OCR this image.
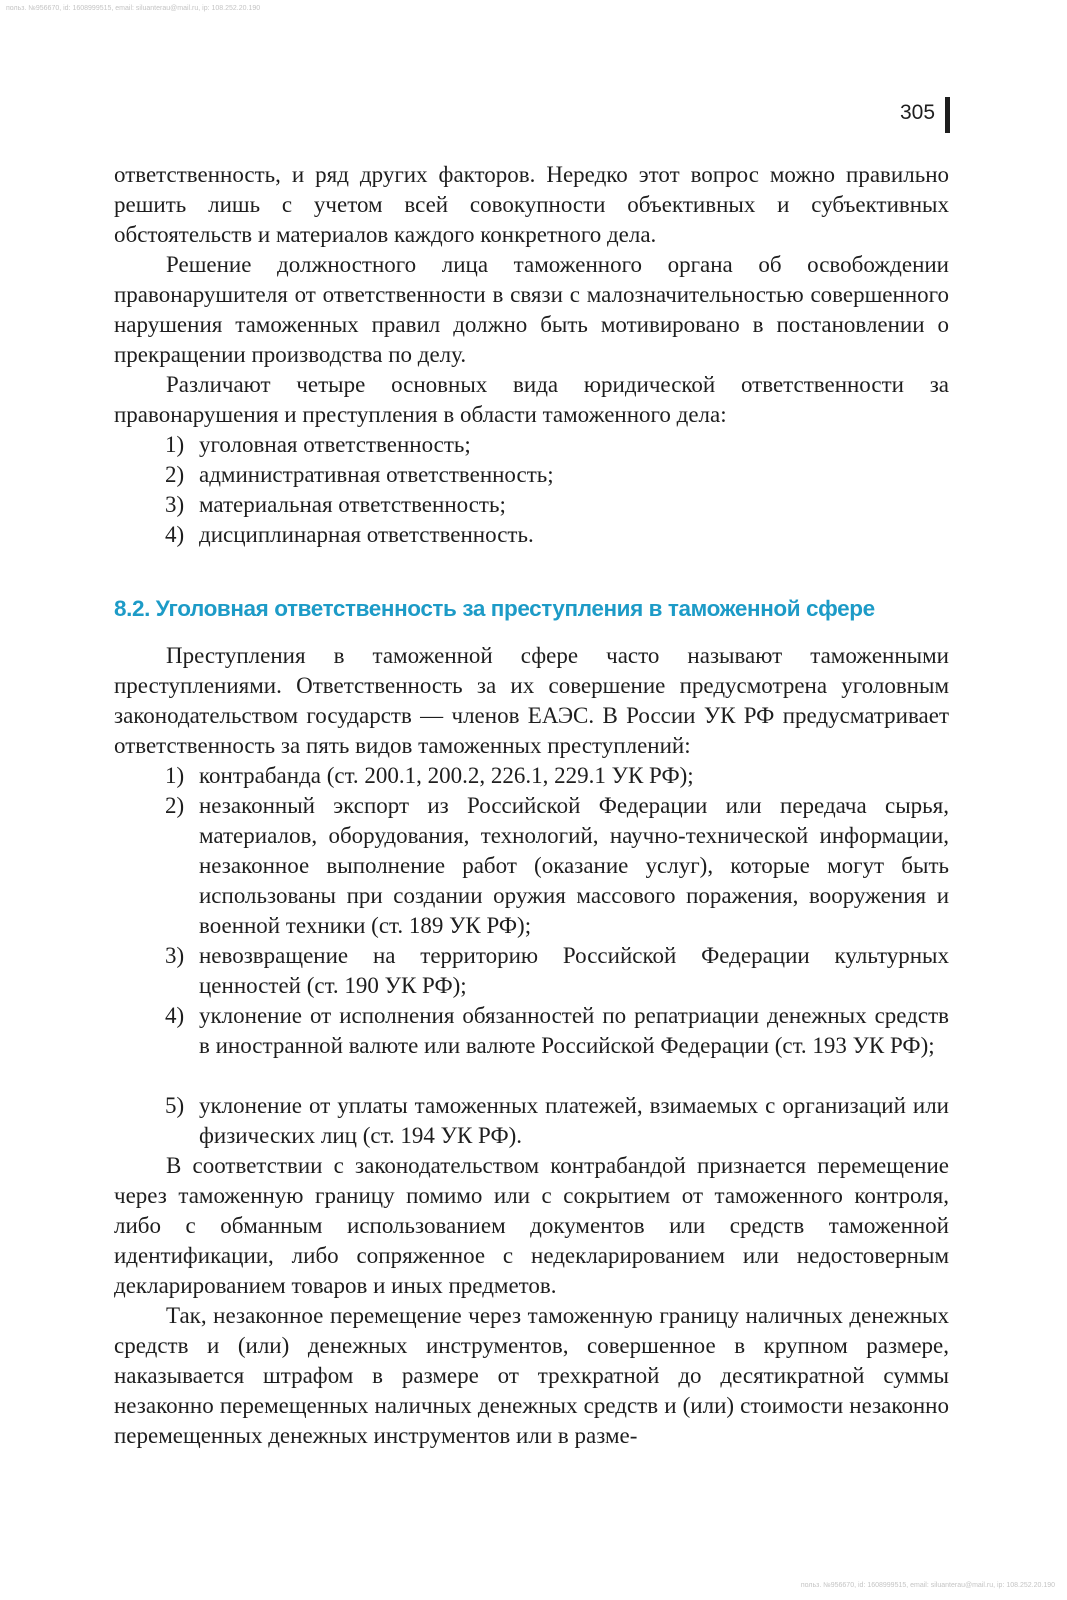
польз. №956670, id: 1608999515, email: siluanterau@mail.ru, ip: 108.252.20.190
305

ответственность, и ряд других факторов. Нередко этот вопрос можно правильно решить лишь с учетом всей совокупности объективных и субъективных обстоятельств и материалов каждого конкретного дела.

Решение должностного лица таможенного органа об освобождении правонарушителя от ответственности в связи с малозначительностью совершенного нарушения таможенных правил должно быть мотивировано в постановлении о прекращении производства по делу.

Различают четыре основных вида юридической ответственности за правонарушения и преступления в области таможенного дела:

1) уголовная ответственность;
2) административная ответственность;
3) материальная ответственность;
4) дисциплинарная ответственность.
8.2. Уголовная ответственность за преступления в таможенной сфере

Преступления в таможенной сфере часто называют таможенными преступлениями. Ответственность за их совершение предусмотрена уголовным законодательством государств — членов ЕАЭС. В России УК РФ предусматривает ответственность за пять видов таможенных преступлений:

1) контрабанда (ст. 200.1, 200.2, 226.1, 229.1 УК РФ);
2) незаконный экспорт из Российской Федерации или передача сырья, материалов, оборудования, технологий, научно-технической информации, незаконное выполнение работ (оказание услуг), которые могут быть использованы при создании оружия массового поражения, вооружения и военной техники (ст. 189 УК РФ);
3) невозвращение на территорию Российской Федерации культурных ценностей (ст. 190 УК РФ);
4) уклонение от исполнения обязанностей по репатриации денежных средств в иностранной валюте или валюте Российской Федерации (ст. 193 УК РФ);
5) уклонение от уплаты таможенных платежей, взимаемых с организаций или физических лиц (ст. 194 УК РФ).

В соответствии с законодательством контрабандой признается перемещение через таможенную границу помимо или с сокрытием от таможенного контроля, либо с обманным использованием документов или средств таможенной идентификации, либо сопряженное с недекларированием или недостоверным декларированием товаров и иных предметов.

Так, незаконное перемещение через таможенную границу наличных денежных средств и (или) денежных инструментов, совершенное в крупном размере, наказывается штрафом в размере от трехкратной до десятикратной суммы незаконно перемещенных наличных денежных средств и (или) стоимости незаконно перемещенных денежных инструментов или в разме-

польз. №956670, id: 1608999515, email: siluanterau@mail.ru, ip: 108.252.20.190
